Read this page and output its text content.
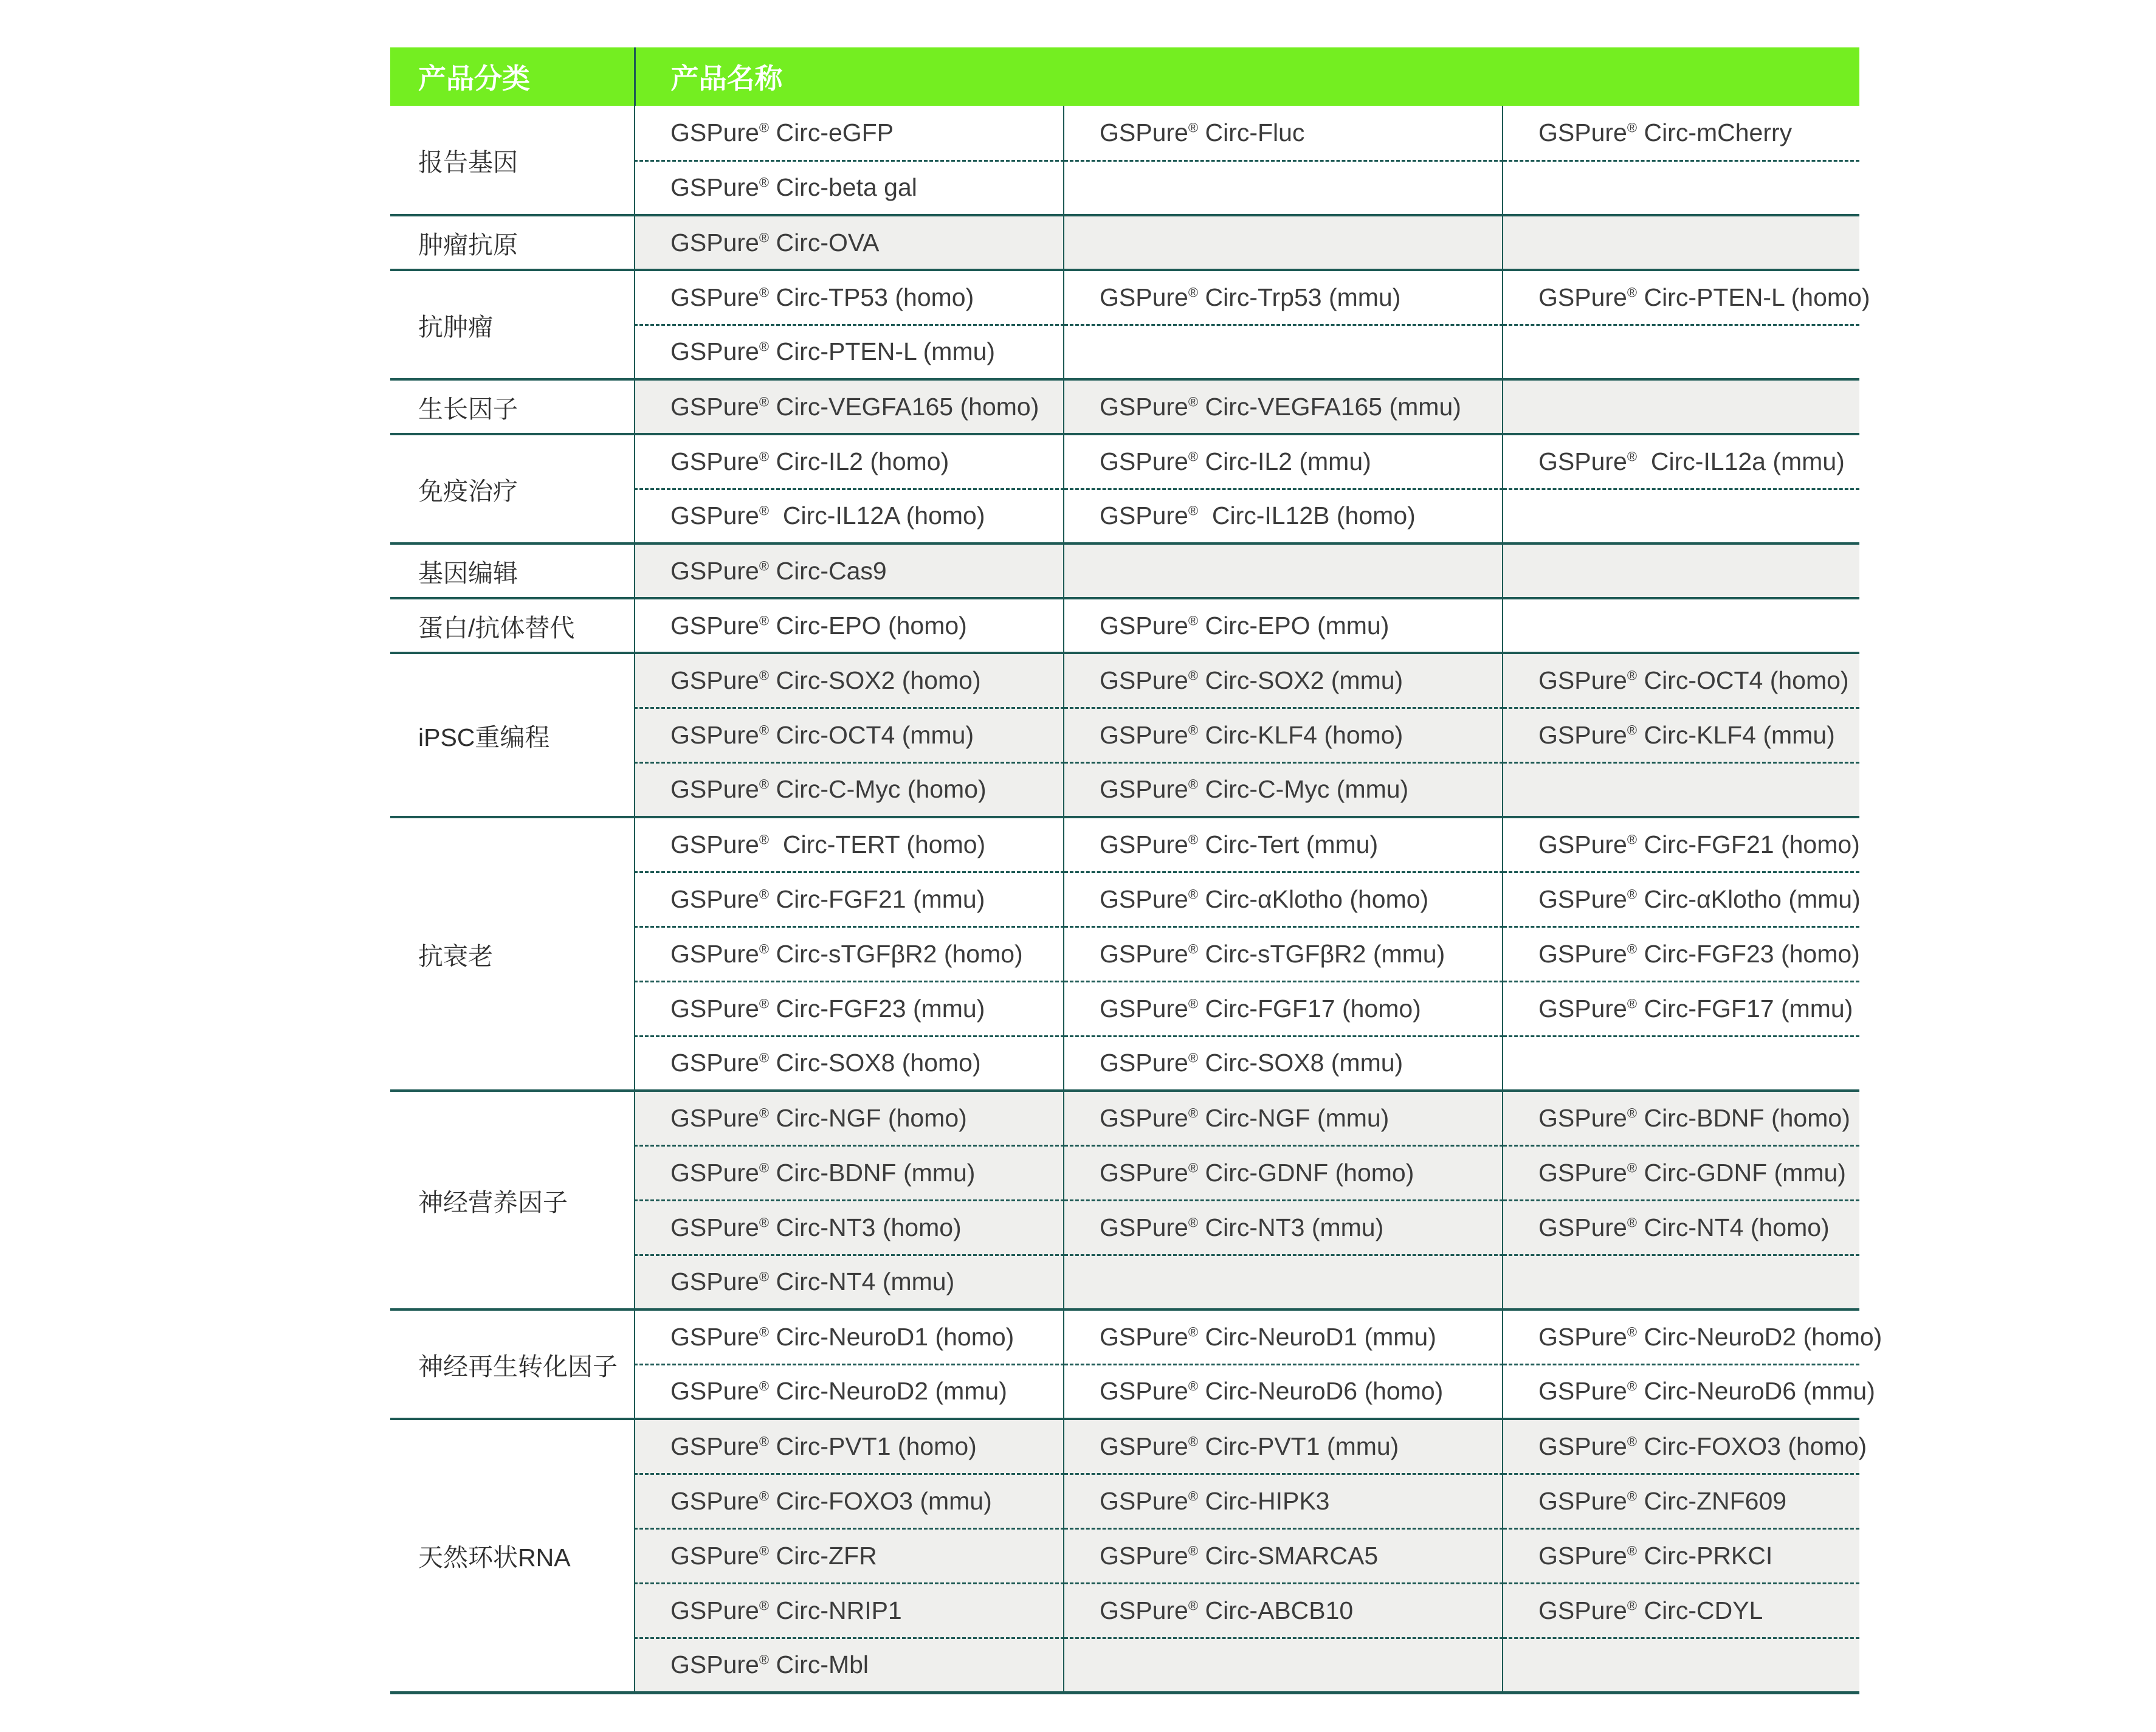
产品分类	产品名称		
报告基因	GSPure® Circ-eGFP	GSPure® Circ-Fluc	GSPure® Circ-mCherry
	GSPure® Circ-beta gal		
肿瘤抗原	GSPure® Circ-OVA		
抗肿瘤	GSPure® Circ-TP53 (homo)	GSPure® Circ-Trp53 (mmu)	GSPure® Circ-PTEN-L (homo)
	GSPure® Circ-PTEN-L (mmu)		
生长因子	GSPure® Circ-VEGFA165 (homo)	GSPure® Circ-VEGFA165 (mmu)	
免疫治疗	GSPure® Circ-IL2 (homo)	GSPure® Circ-IL2 (mmu)	GSPure®  Circ-IL12a (mmu)
	GSPure®  Circ-IL12A (homo)	GSPure®  Circ-IL12B (homo)	
基因编辑	GSPure® Circ-Cas9		
蛋白/抗体替代	GSPure® Circ-EPO (homo)	GSPure® Circ-EPO (mmu)	
iPSC重编程	GSPure® Circ-SOX2 (homo)	GSPure® Circ-SOX2 (mmu)	GSPure® Circ-OCT4 (homo)
	GSPure® Circ-OCT4 (mmu)	GSPure® Circ-KLF4 (homo)	GSPure® Circ-KLF4 (mmu)
	GSPure® Circ-C-Myc (homo)	GSPure® Circ-C-Myc (mmu)	
抗衰老	GSPure®  Circ-TERT (homo)	GSPure® Circ-Tert (mmu)	GSPure® Circ-FGF21 (homo)
	GSPure® Circ-FGF21 (mmu)	GSPure® Circ-αKlotho (homo)	GSPure® Circ-αKlotho (mmu)
	GSPure® Circ-sTGFβR2 (homo)	GSPure® Circ-sTGFβR2 (mmu)	GSPure® Circ-FGF23 (homo)
	GSPure® Circ-FGF23 (mmu)	GSPure® Circ-FGF17 (homo)	GSPure® Circ-FGF17 (mmu)
	GSPure® Circ-SOX8 (homo)	GSPure® Circ-SOX8 (mmu)	
神经营养因子	GSPure® Circ-NGF (homo)	GSPure® Circ-NGF (mmu)	GSPure® Circ-BDNF (homo)
	GSPure® Circ-BDNF (mmu)	GSPure® Circ-GDNF (homo)	GSPure® Circ-GDNF (mmu)
	GSPure® Circ-NT3 (homo)	GSPure® Circ-NT3 (mmu)	GSPure® Circ-NT4 (homo)
	GSPure® Circ-NT4 (mmu)		
神经再生转化因子	GSPure® Circ-NeuroD1 (homo)	GSPure® Circ-NeuroD1 (mmu)	GSPure® Circ-NeuroD2 (homo)
	GSPure® Circ-NeuroD2 (mmu)	GSPure® Circ-NeuroD6 (homo)	GSPure® Circ-NeuroD6 (mmu)
天然环状RNA	GSPure® Circ-PVT1 (homo)	GSPure® Circ-PVT1 (mmu)	GSPure® Circ-FOXO3 (homo)
	GSPure® Circ-FOXO3 (mmu)	GSPure® Circ-HIPK3	GSPure® Circ-ZNF609
	GSPure® Circ-ZFR	GSPure® Circ-SMARCA5	GSPure® Circ-PRKCI
	GSPure® Circ-NRIP1	GSPure® Circ-ABCB10	GSPure® Circ-CDYL
	GSPure® Circ-Mbl		
